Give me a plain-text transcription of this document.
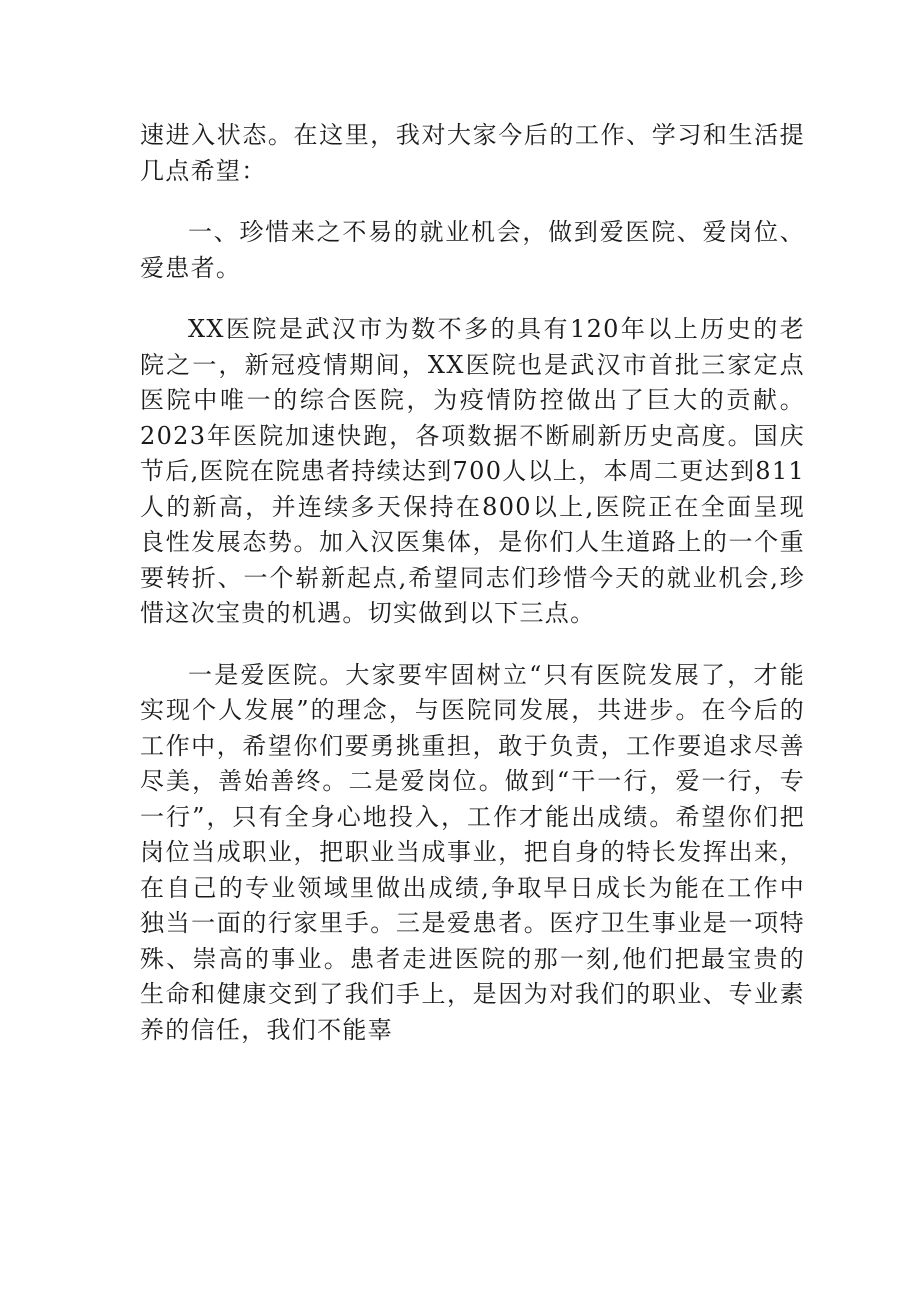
速进入状态。在这里，我对大家今后的工作、学习和生活提几点希望：

一、珍惜来之不易的就业机会，做到爱医院、爱岗位、爱患者。

XX医院是武汉市为数不多的具有120年以上历史的老院之一，新冠疫情期间，XX医院也是武汉市首批三家定点医院中唯一的综合医院，为疫情防控做出了巨大的贡献。2023年医院加速快跑，各项数据不断刷新历史高度。国庆节后,医院在院患者持续达到700人以上，本周二更达到811人的新高，并连续多天保持在800以上,医院正在全面呈现良性发展态势。加入汉医集体，是你们人生道路上的一个重要转折、一个崭新起点,希望同志们珍惜今天的就业机会,珍惜这次宝贵的机遇。切实做到以下三点。

一是爱医院。大家要牢固树立“只有医院发展了，才能实现个人发展”的理念，与医院同发展，共进步。在今后的工作中，希望你们要勇挑重担，敢于负责，工作要追求尽善尽美，善始善终。二是爱岗位。做到“干一行，爱一行，专一行”，只有全身心地投入，工作才能出成绩。希望你们把岗位当成职业，把职业当成事业，把自身的特长发挥出来，在自己的专业领域里做出成绩,争取早日成长为能在工作中独当一面的行家里手。三是爱患者。医疗卫生事业是一项特殊、崇高的事业。患者走进医院的那一刻,他们把最宝贵的生命和健康交到了我们手上，是因为对我们的职业、专业素养的信任，我们不能辜
